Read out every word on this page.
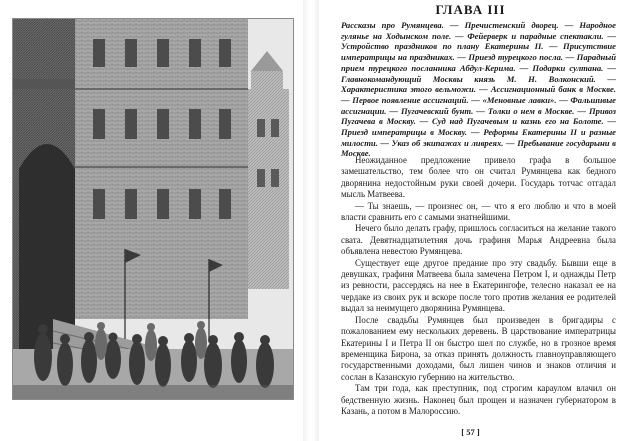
ГЛАВА III

Рассказы про Румянцева. — Пречистенский дворец. — Народное гулянье на Ходынском поле. — Фейерверк и парадные спектакли. — Устройство праздников по плану Екатерины II. — Присутствие императрицы на праздниках. — Приезд турецкого посла. — Парадный прием турецкого посланника Абдул-Керима. — Подарки султана. — Главнокомандующий Москвы князь М. Н. Волконский. — Характеристика этого вельможи. — Ассигнационный банк в Москве. — Первое появление ассигнаций. — «Меновные лавки». — Фальшивые ассигнации. — Пугачевский бунт. — Толки о нем в Москве. — Привоз Пугачева в Москву. — Суд над Пугачевым и казнь его на Болоте. — Приезд императрицы в Москву. — Реформы Екатерины II и разные милости. — Указ об экипажах и ливреях. — Пребывание государыни в Москве.

Неожиданное предложение привело графа в большое замешательство, тем более что он считал Румянцева как бедного дворянина недостойным руки своей дочери. Государь тотчас отгадал мысль Матвеева.

— Ты знаешь, — произнес он, — что я его люблю и что в моей власти сравнить его с самыми знатнейшими.

Нечего было делать графу, пришлось согласиться на желание такого свата. Девятнадцатилетняя дочь графиня Марья Андреевна была объявлена невестою Румянцева.

Существует еще другое предание про эту свадьбу. Бывши еще в девушках, графиня Матвеева была замечена Петром I, и однажды Петр из ревности, рассердясь на нее в Екатерингофе, телесно наказал ее на чердаке из своих рук и вскоре после того против желания ее родителей выдал за неимущего дворянина Румянцева.

После свадьбы Румянцев был произведен в бригадиры с пожалованием ему нескольких деревень. В царствование императрицы Екатерины I и Петра II он быстро шел по службе, но в грозное время временщика Бирона, за отказ принять должность главноуправляющего государственными доходами, был лишен чинов и знаков отличия и сослан в Казанскую губернию на жительство.

Там три года, как преступник, под строгим караулом влачил он бедственную жизнь. Наконец был прощен и назначен губернатором в Казань, а потом в Малороссию.

[ 57 ]
